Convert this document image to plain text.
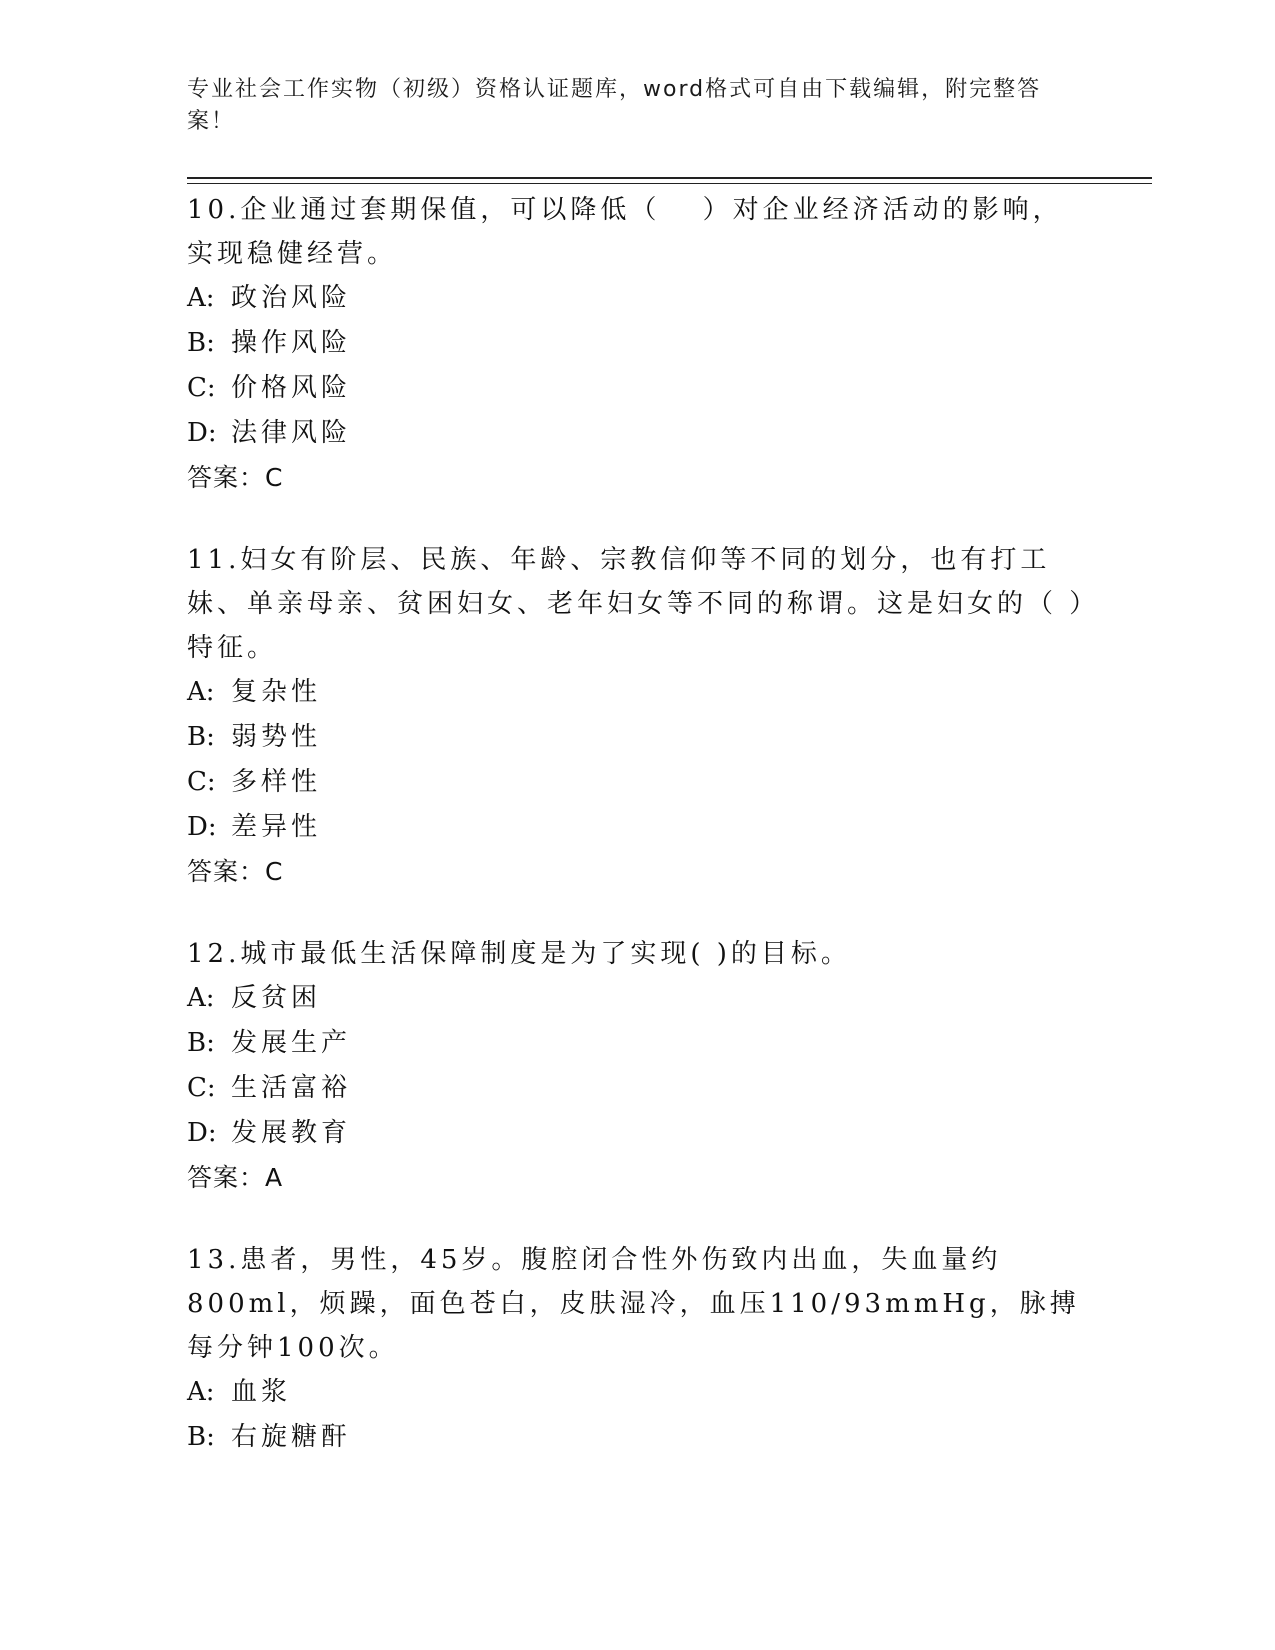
专业社会工作实物（初级）资格认证题库，word格式可自由下载编辑，附完整答案！

10.企业通过套期保值，可以降低（　 ）对企业经济活动的影响，实现稳健经营。

A: 政治风险

B: 操作风险

C: 价格风险

D: 法律风险

答案：C

11.妇女有阶层、民族、年龄、宗教信仰等不同的划分，也有打工妹、单亲母亲、贫困妇女、老年妇女等不同的称谓。这是妇女的（ ）特征。

A: 复杂性

B: 弱势性

C: 多样性

D: 差异性

答案：C

12.城市最低生活保障制度是为了实现( )的目标。

A: 反贫困

B: 发展生产

C: 生活富裕

D: 发展教育

答案：A

13.患者，男性，45岁。腹腔闭合性外伤致内出血，失血量约800ml，烦躁，面色苍白，皮肤湿冷，血压110/93mmHg，脉搏每分钟100次。

A: 血浆

B: 右旋糖酐
